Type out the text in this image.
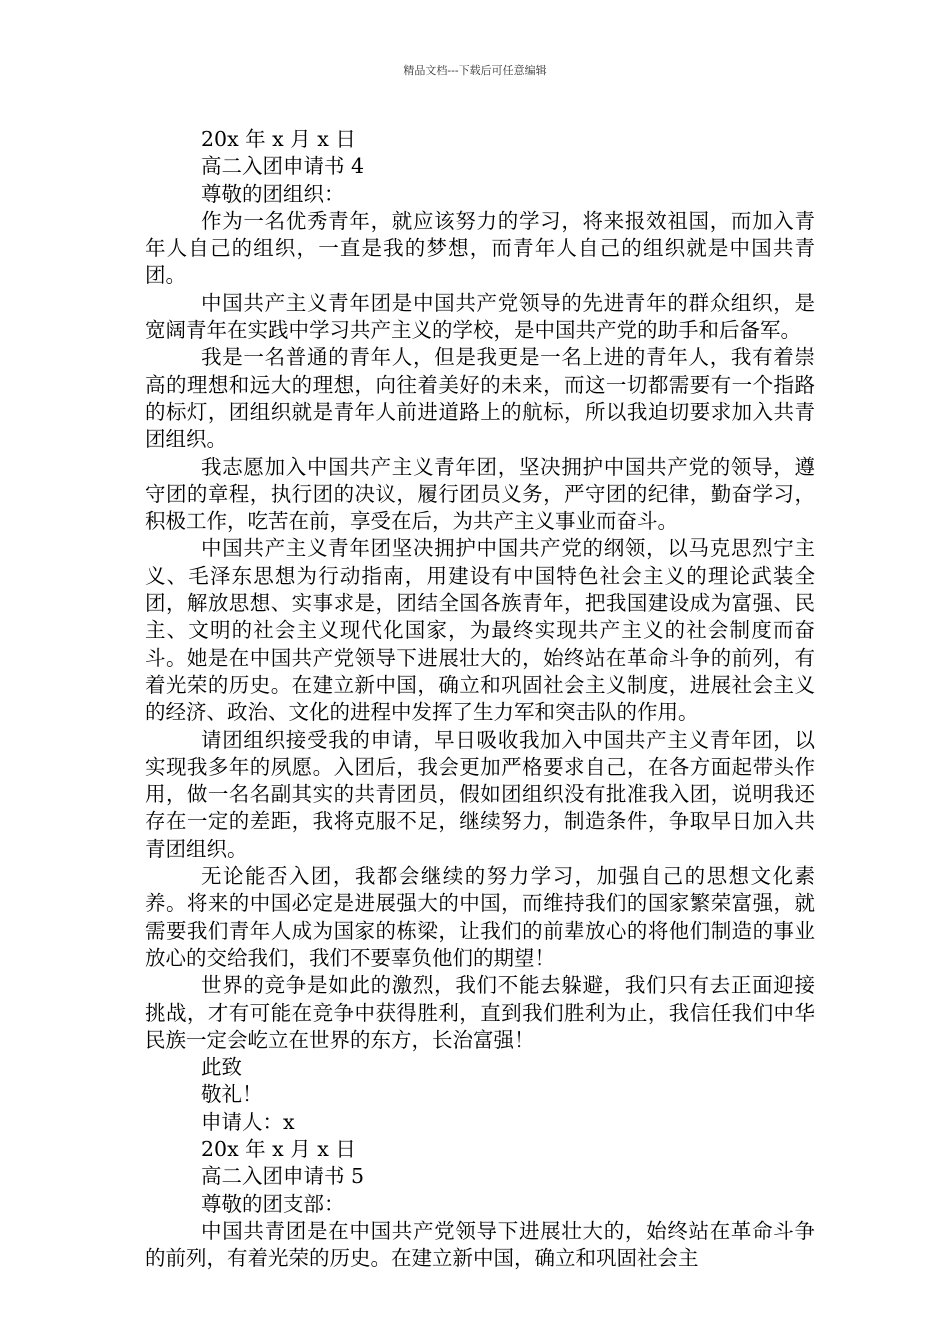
精品文档---下载后可任意编辑
20x 年 x 月 x 日
高二入团申请书 4
尊敬的团组织：
作为一名优秀青年，就应该努力的学习，将来报效祖国，而加入青年人自己的组织，一直是我的梦想，而青年人自己的组织就是中国共青团。
中国共产主义青年团是中国共产党领导的先进青年的群众组织，是宽阔青年在实践中学习共产主义的学校，是中国共产党的助手和后备军。
我是一名普通的青年人，但是我更是一名上进的青年人，我有着崇高的理想和远大的理想，向往着美好的未来，而这一切都需要有一个指路的标灯，团组织就是青年人前进道路上的航标，所以我迫切要求加入共青团组织。
我志愿加入中国共产主义青年团，坚决拥护中国共产党的领导，遵守团的章程，执行团的决议，履行团员义务，严守团的纪律，勤奋学习，积极工作，吃苦在前，享受在后，为共产主义事业而奋斗。
中国共产主义青年团坚决拥护中国共产党的纲领，以马克思烈宁主义、毛泽东思想为行动指南，用建设有中国特色社会主义的理论武装全团，解放思想、实事求是，团结全国各族青年，把我国建设成为富强、民主、文明的社会主义现代化国家，为最终实现共产主义的社会制度而奋斗。她是在中国共产党领导下进展壮大的，始终站在革命斗争的前列，有着光荣的历史。在建立新中国，确立和巩固社会主义制度，进展社会主义的经济、政治、文化的进程中发挥了生力军和突击队的作用。
请团组织接受我的申请，早日吸收我加入中国共产主义青年团，以实现我多年的夙愿。入团后，我会更加严格要求自己，在各方面起带头作用，做一名名副其实的共青团员，假如团组织没有批准我入团，说明我还存在一定的差距，我将克服不足，继续努力，制造条件，争取早日加入共青团组织。
无论能否入团，我都会继续的努力学习，加强自己的思想文化素养。将来的中国必定是进展强大的中国，而维持我们的国家繁荣富强，就需要我们青年人成为国家的栋梁，让我们的前辈放心的将他们制造的事业放心的交给我们，我们不要辜负他们的期望！
世界的竞争是如此的激烈，我们不能去躲避，我们只有去正面迎接挑战，才有可能在竞争中获得胜利，直到我们胜利为止，我信任我们中华民族一定会屹立在世界的东方，长治富强！
此致
敬礼！
申请人：x
20x 年 x 月 x 日
高二入团申请书 5
尊敬的团支部：
中国共青团是在中国共产党领导下进展壮大的，始终站在革命斗争的前列，有着光荣的历史。在建立新中国，确立和巩固社会主
